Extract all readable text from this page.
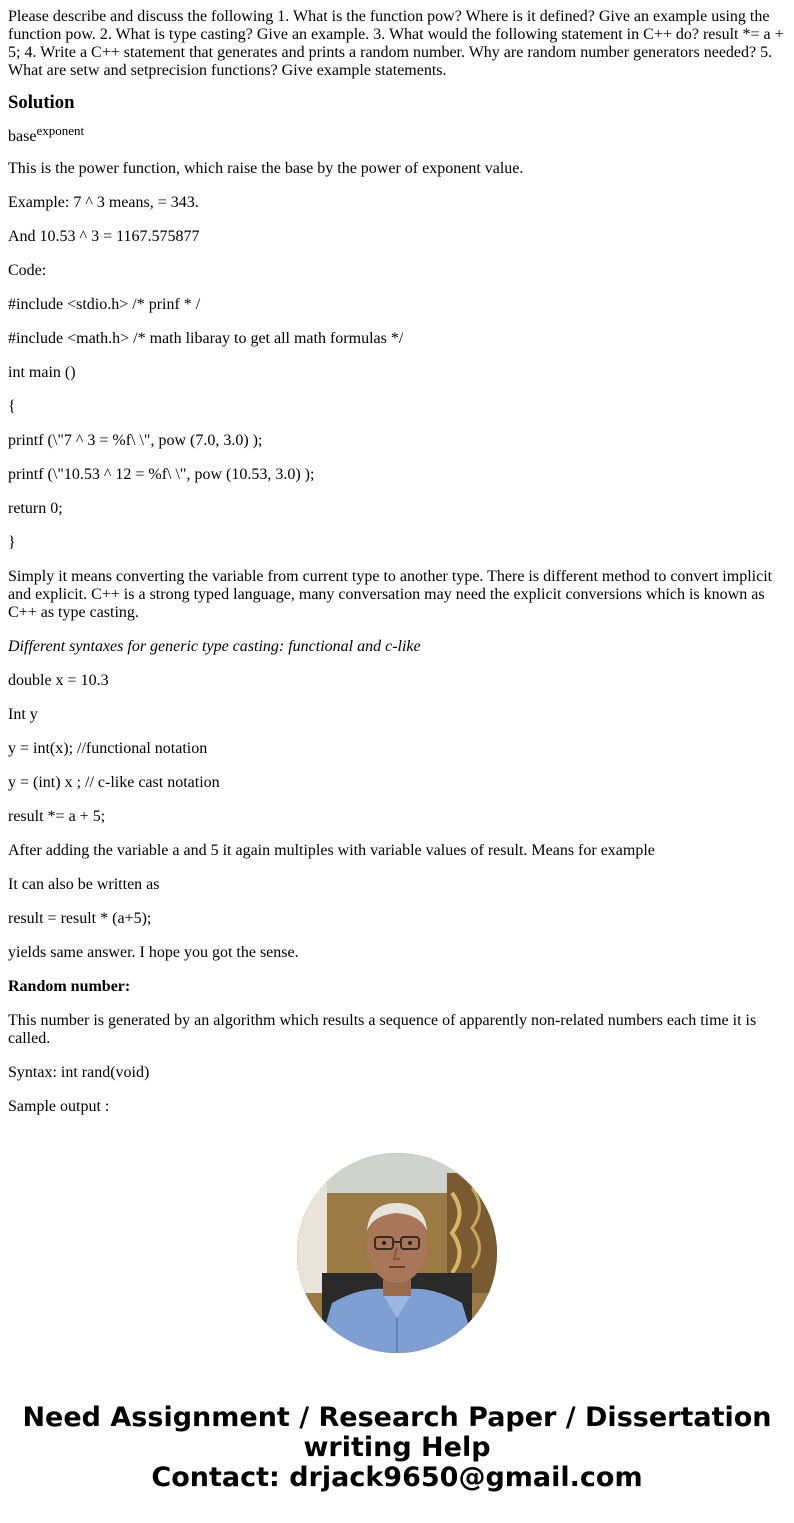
Please describe and discuss the following 1. What is the function pow? Where is it defined? Give an example using the function pow. 2. What is type casting? Give an example. 3. What would the following statement in C++ do? result *= a + 5; 4. Write a C++ statement that generates and prints a random number. Why are random number generators needed? 5. What are setw and setprecision functions? Give example statements.
Solution

base$^{exponent}$

This is the power function, which raise the base by the power of exponent value.

Example: 7 ^ 3 means, = 343.

And 10.53 ^ 3 = 1167.575877

Code:

#include <stdio.h> /* prinf * /

#include <math.h> /* math libaray to get all math formulas */

int main ()

{

printf (\"7 ^ 3 = %f\ \", pow (7.0, 3.0) );

printf (\"10.53 ^ 12 = %f\ \", pow (10.53, 3.0) );

return 0;

}

Simply it means converting the variable from current type to another type. There is different method to convert implicit and explicit. C++ is a strong typed language, many conversation may need the explicit conversions which is known as C++ as type casting.

Different syntaxes for generic type casting: functional and c-like

double x = 10.3

Int y

y = int(x); //functional notation

y = (int) x ; // c-like cast notation

result *= a + 5;

After adding the variable a and 5 it again multiples with variable values of result. Means for example

It can also be written as

result = result * (a+5);

yields same answer. I hope you got the sense.

Random number:

This number is generated by an algorithm which results a sequence of apparently non-related numbers each time it is called.

Syntax: int rand(void)

Sample output :

Need Assignment / Research Paper / Dissertation
writing Help
Contact: drjack9650@gmail.com
